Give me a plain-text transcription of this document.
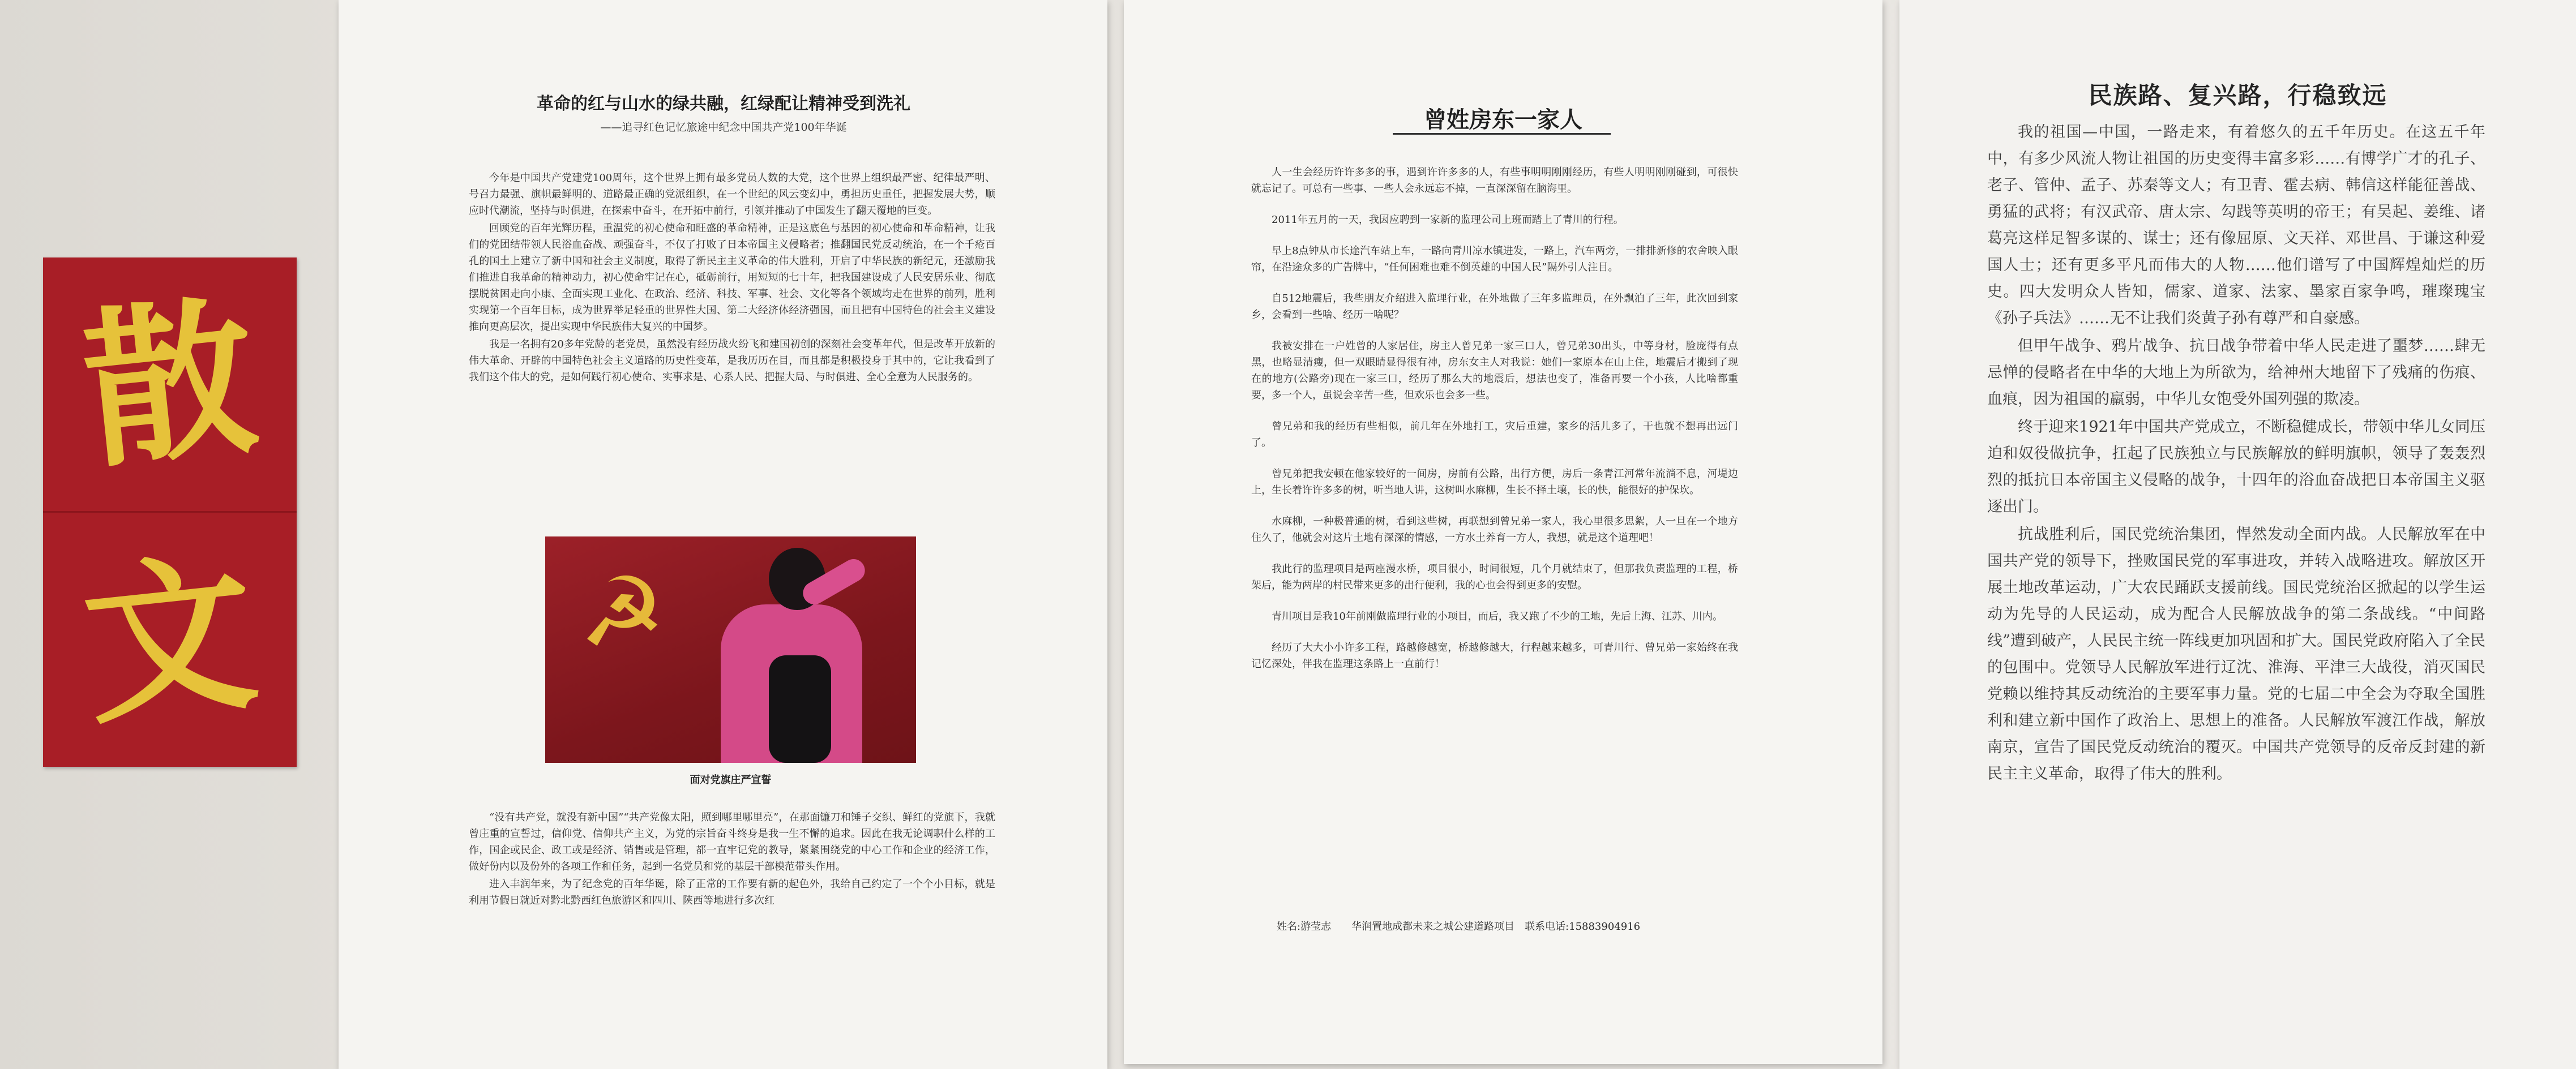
散
文
革命的红与山水的绿共融，红绿配让精神受到洗礼
——追寻红色记忆旅途中纪念中国共产党100年华诞

今年是中国共产党建党100周年，这个世界上拥有最多党员人数的大党，这个世界上组织最严密、纪律最严明、号召力最强、旗帜最鲜明的、道路最正确的党派组织，在一个世纪的风云变幻中，勇担历史重任，把握发展大势，顺应时代潮流，坚持与时俱进，在探索中奋斗，在开拓中前行，引领并推动了中国发生了翻天覆地的巨变。

回顾党的百年光辉历程，重温党的初心使命和旺盛的革命精神，正是这底色与基因的初心使命和革命精神，让我们的党团结带领人民浴血奋战、顽强奋斗，不仅了打败了日本帝国主义侵略者；推翻国民党反动统治，在一个千疮百孔的国土上建立了新中国和社会主义制度，取得了新民主主义革命的伟大胜利，开启了中华民族的新纪元，还激励我们推进自我革命的精神动力，初心使命牢记在心，砥砺前行，用短短的七十年，把我国建设成了人民安居乐业、彻底摆脱贫困走向小康、全面实现工业化、在政治、经济、科技、军事、社会、文化等各个领域均走在世界的前列，胜利实现第一个百年目标，成为世界举足轻重的世界性大国、第二大经济体经济强国，而且把有中国特色的社会主义建设推向更高层次，提出实现中华民族伟大复兴的中国梦。

我是一名拥有20多年党龄的老党员，虽然没有经历战火纷飞和建国初创的深刻社会变革年代，但是改革开放新的伟大革命、开辟的中国特色社会主义道路的历史性变革，是我历历在目，而且都是积极投身于其中的，它让我看到了我们这个伟大的党，是如何践行初心使命、实事求是、心系人民、把握大局、与时俱进、全心全意为人民服务的。

☭
面对党旗庄严宣誓

“没有共产党，就没有新中国”“共产党像太阳，照到哪里哪里亮”，在那面镰刀和锤子交织、鲜红的党旗下，我就曾庄重的宣誓过，信仰党、信仰共产主义，为党的宗旨奋斗终身是我一生不懈的追求。因此在我无论调职什么样的工作，国企或民企、政工或是经济、销售或是管理，都一直牢记党的教导，紧紧围绕党的中心工作和企业的经济工作，做好份内以及份外的各项工作和任务，起到一名党员和党的基层干部模范带头作用。

进入丰润年来，为了纪念党的百年华诞，除了正常的工作要有新的起色外，我给自己约定了一个个小目标，就是利用节假日就近对黔北黔西红色旅游区和四川、陕西等地进行多次红

曾姓房东一家人

人一生会经历许许多多的事，遇到许许多多的人，有些事明明刚刚经历，有些人明明刚刚碰到，可很快就忘记了。可总有一些事、一些人会永远忘不掉，一直深深留在脑海里。

2011年五月的一天，我因应聘到一家新的监理公司上班而踏上了青川的行程。

早上8点钟从市长途汽车站上车，一路向青川凉水镇进发，一路上，汽车两旁，一排排新修的农舍映入眼帘，在沿途众多的广告牌中，“任何困难也难不倒英雄的中国人民”隔外引人注目。

自512地震后，我些朋友介绍进入监理行业，在外地做了三年多监理员，在外飘泊了三年，此次回到家乡，会看到一些啥、经历一啥呢？

我被安排在一户姓曾的人家居住，房主人曾兄弟一家三口人，曾兄弟30出头，中等身材，脸庞得有点黑，也略显清瘦，但一双眼睛显得很有神，房东女主人对我说：她们一家原本在山上住，地震后才搬到了现在的地方(公路旁)现在一家三口，经历了那么大的地震后，想法也变了，准备再要一个小孩，人比啥都重要，多一个人，虽说会辛苦一些，但欢乐也会多一些。

曾兄弟和我的经历有些相似，前几年在外地打工，灾后重建，家乡的活儿多了，干也就不想再出远门了。

曾兄弟把我安顿在他家较好的一间房，房前有公路，出行方便，房后一条青江河常年流淌不息，河堤边上，生长着许许多多的树，听当地人讲，这树叫水麻柳，生长不择土壤，长的快，能很好的护保坎。

水麻柳，一种极普通的树，看到这些树，再联想到曾兄弟一家人，我心里很多思絮，人一旦在一个地方住久了，他就会对这片土地有深深的情感，一方水土养育一方人，我想，就是这个道理吧！

我此行的监理项目是两座漫水桥，项目很小，时间很短，几个月就结束了，但那我负责监理的工程，桥架后，能为两岸的村民带来更多的出行便利，我的心也会得到更多的安慰。

青川项目是我10年前刚做监理行业的小项目，而后，我又跑了不少的工地，先后上海、江苏、川内。

经历了大大小小许多工程，路越修越宽，桥越修越大，行程越来越多，可青川行、曾兄弟一家始终在我记忆深处，伴我在监理这条路上一直前行！

姓名:游莹志　　华润置地成都未来之城公建道路项目　联系电话:15883904916
民族路、复兴路，行稳致远

我的祖国—中国，一路走来，有着悠久的五千年历史。在这五千年中，有多少风流人物让祖国的历史变得丰富多彩……有博学广才的孔子、老子、管仲、孟子、苏秦等文人；有卫青、霍去病、韩信这样能征善战、勇猛的武将；有汉武帝、唐太宗、勾践等英明的帝王；有吴起、姜维、诸葛亮这样足智多谋的、谋士；还有像屈原、文天祥、邓世昌、于谦这种爱国人士；还有更多平凡而伟大的人物……他们谱写了中国辉煌灿烂的历史。四大发明众人皆知，儒家、道家、法家、墨家百家争鸣，璀璨瑰宝《孙子兵法》……无不让我们炎黄子孙有尊严和自豪感。

但甲午战争、鸦片战争、抗日战争带着中华人民走进了噩梦……肆无忌惮的侵略者在中华的大地上为所欲为，给神州大地留下了残痛的伤痕、血痕，因为祖国的羸弱，中华儿女饱受外国列强的欺凌。

终于迎来1921年中国共产党成立，不断稳健成长，带领中华儿女同压迫和奴役做抗争，扛起了民族独立与民族解放的鲜明旗帜，领导了轰轰烈烈的抵抗日本帝国主义侵略的战争，十四年的浴血奋战把日本帝国主义驱逐出门。

抗战胜利后，国民党统治集团，悍然发动全面内战。人民解放军在中国共产党的领导下，挫败国民党的军事进攻，并转入战略进攻。解放区开展土地改革运动，广大农民踊跃支援前线。国民党统治区掀起的以学生运动为先导的人民运动，成为配合人民解放战争的第二条战线。“中间路线”遭到破产，人民民主统一阵线更加巩固和扩大。国民党政府陷入了全民的包围中。党领导人民解放军进行辽沈、淮海、平津三大战役，消灭国民党赖以维持其反动统治的主要军事力量。党的七届二中全会为夺取全国胜利和建立新中国作了政治上、思想上的准备。人民解放军渡江作战，解放南京，宣告了国民党反动统治的覆灭。中国共产党领导的反帝反封建的新民主主义革命，取得了伟大的胜利。
